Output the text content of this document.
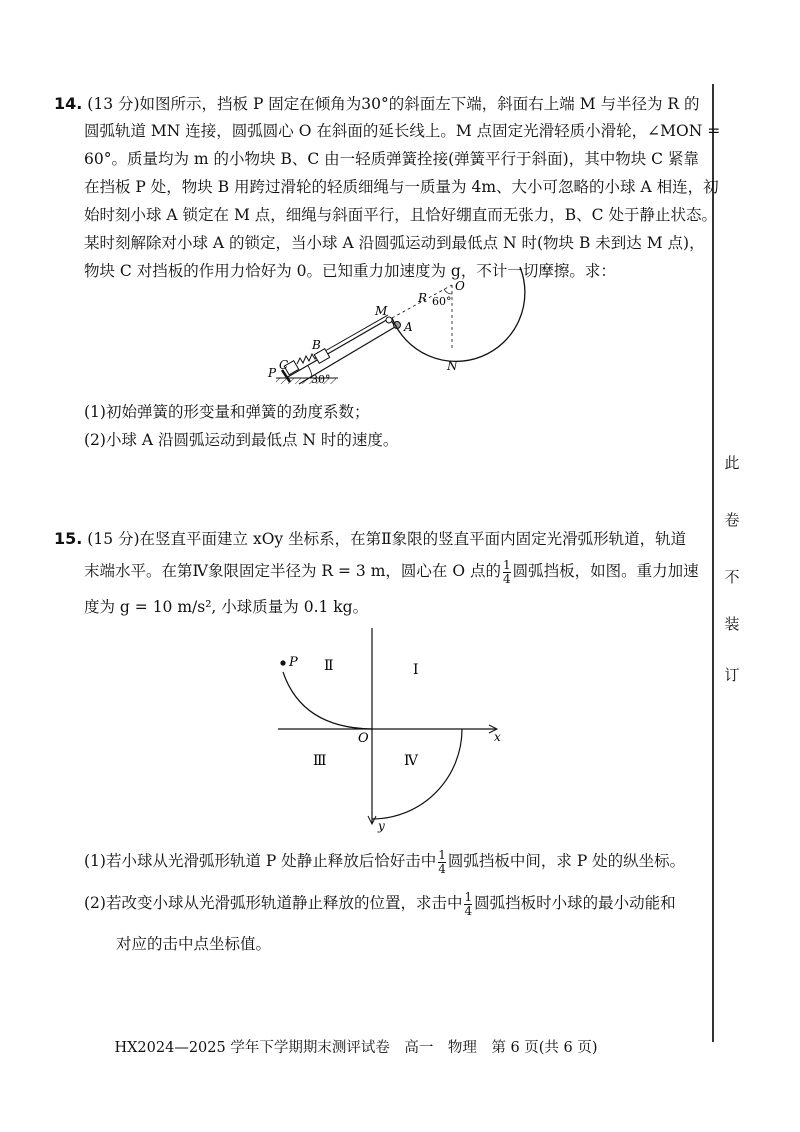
此
卷
不
装
订
14. (13 分)如图所示，挡板 P 固定在倾角为30°的斜面左下端，斜面右上端 M 与半径为 R 的
圆弧轨道 MN 连接，圆弧圆心 O 在斜面的延长线上。M 点固定光滑轻质小滑轮，∠MON =
60°。质量均为 m 的小物块 B、C 由一轻质弹簧拴接(弹簧平行于斜面)，其中物块 C 紧靠
在挡板 P 处，物块 B 用跨过滑轮的轻质细绳与一质量为 4m、大小可忽略的小球 A 相连，初
始时刻小球 A 锁定在 M 点，细绳与斜面平行，且恰好绷直而无张力，B、C 处于静止状态。
某时刻解除对小球 A 的锁定，当小球 A 沿圆弧运动到最低点 N 时(物块 B 未到达 M 点)，
物块 C 对挡板的作用力恰好为 0。已知重力加速度为 g，不计一切摩擦。求：
P
C
B
M
A
R
O
N
60°
30°
(1)初始弹簧的形变量和弹簧的劲度系数；
(2)小球 A 沿圆弧运动到最低点 N 时的速度。
15. (15 分)在竖直平面建立 xOy 坐标系，在第Ⅱ象限的竖直平面内固定光滑弧形轨道，轨道
末端水平。在第Ⅳ象限固定半径为 R = 3 m，圆心在 O 点的 $\frac{1}{4}$ 圆弧挡板，如图。重力加速
度为 g = 10 m/s², 小球质量为 0.1 kg。
P Ⅱ	Ⅰ
Ⅲ	Ⅳ
O	x
y
(1)若小球从光滑弧形轨道 P 处静止释放后恰好击中 $\frac{1}{4}$ 圆弧挡板中间，求 P 处的纵坐标。
(2)若改变小球从光滑弧形轨道静止释放的位置，求击中 $\frac{1}{4}$ 圆弧挡板时小球的最小动能和
对应的击中点坐标值。
HX2024—2025 学年下学期期末测评试卷　高一　物理　第 6 页(共 6 页)
